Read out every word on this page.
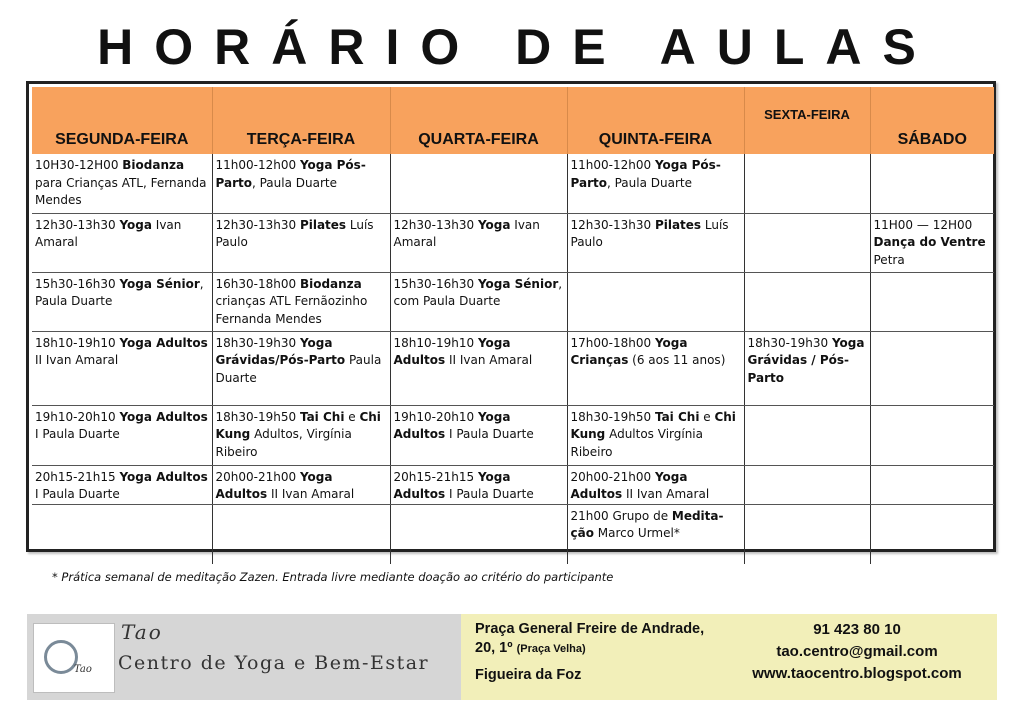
HORÁRIO DE AULAS
SEGUNDA-FEIRA	TERÇA-FEIRA	QUARTA-FEIRA	QUINTA-FEIRA	SEXTA-FEIRA	SÁBADO
10H30-12H00 Biodanza para Crianças ATL, Fernanda Mendes	11h00-12h00 Yoga Pós-Parto, Paula Duarte		11h00-12h00 Yoga Pós-Parto, Paula Duarte		
12h30-13h30 Yoga Ivan Amaral	12h30-13h30 Pilates Luís Paulo	12h30-13h30 Yoga Ivan Amaral	12h30-13h30 Pilates Luís Paulo		11H00 — 12H00 Dança do Ventre Petra
15h30-16h30 Yoga Sénior, Paula Duarte	16h30-18h00 Biodanza crianças ATL Fernãozinho Fernanda Mendes	15h30-16h30 Yoga Sénior, com Paula Duarte			
18h10-19h10 Yoga Adultos II Ivan Amaral	18h30-19h30 Yoga Grávidas/Pós-Parto Paula Duarte	18h10-19h10 Yoga Adultos II Ivan Amaral	17h00-18h00 Yoga Crianças (6 aos 11 anos)	18h30-19h30 Yoga Grávidas / Pós-Parto	
19h10-20h10 Yoga Adultos I Paula Duarte	18h30-19h50 Tai Chi e Chi Kung Adultos, Virgínia Ribeiro	19h10-20h10 Yoga Adultos I Paula Duarte	18h30-19h50 Tai Chi e Chi Kung Adultos Virgínia Ribeiro		
20h15-21h15 Yoga Adultos I Paula Duarte	20h00-21h00 Yoga Adultos II Ivan Amaral	20h15-21h15 Yoga Adultos I Paula Duarte	20h00-21h00 Yoga Adultos II Ivan Amaral		
			21h00 Grupo de Medita-ção Marco Urmel*		
* Prática semanal de meditação Zazen. Entrada livre mediante doação ao critério do participante
Tao
Tao
Centro de Yoga e Bem-Estar
Praça General Freire de Andrade, 20, 1º (Praça Velha)
Figueira da Foz
91 423 80 10
tao.centro@gmail.com
www.taocentro.blogspot.com
